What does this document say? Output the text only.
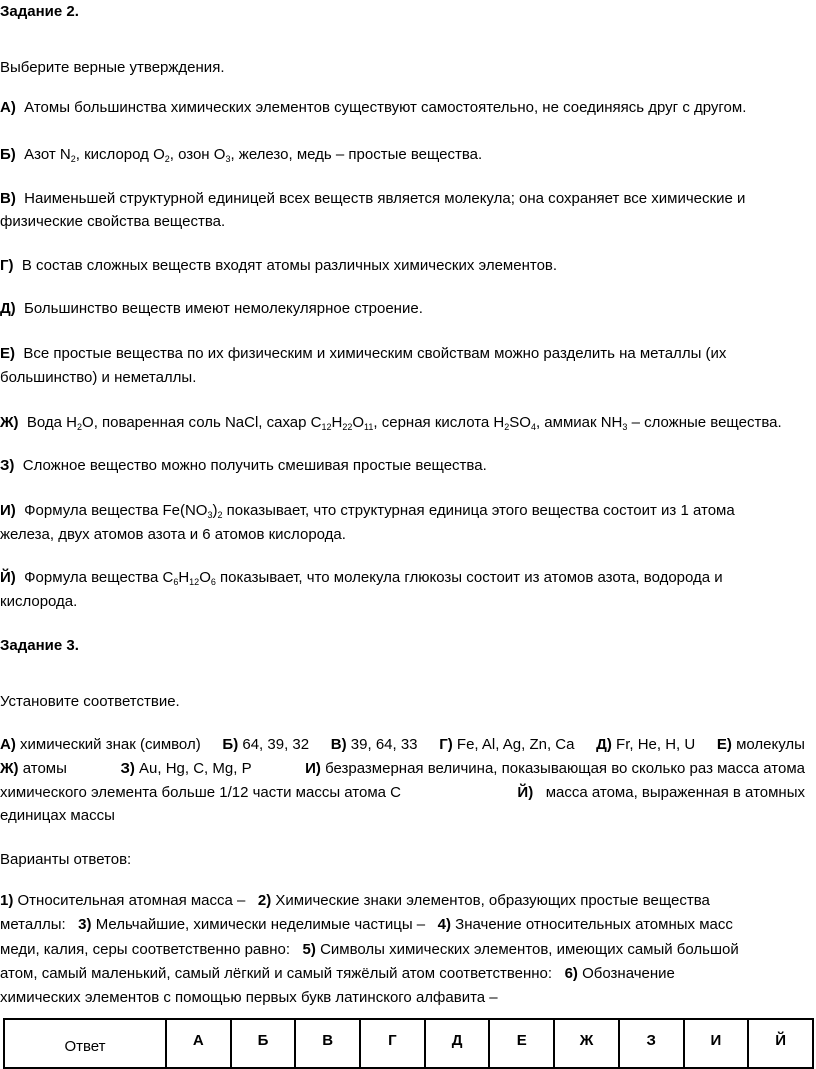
Задание 2.
Выберите верные утверждения.
А) Атомы большинства химических элементов существуют самостоятельно, не соединяясь друг с другом.
Б) Азот $N_2$, кислород $О_2$, озон $О_3$, железо, медь – простые вещества.
В) Наименьшей структурной единицей всех веществ является молекула; она сохраняет все химические и
физические свойства вещества.
Г) В состав сложных веществ входят атомы различных химических элементов.
Д) Большинство веществ имеют немолекулярное строение.
Е) Все простые вещества по их физическим и химическим свойствам можно разделить на металлы (их
большинство) и неметаллы.
Ж) Вода $Н_2О$, поваренная соль NaCl, сахар $С_{12}Н_{22}О_{11}$, серная кислота $Н_2SO_4$, аммиак $NH_3$ – сложные вещества.
З) Сложное вещество можно получить смешивая простые вещества.
И) Формула вещества $Fe(NO_3)_2$ показывает, что структурная единица этого вещества состоит из 1 атома
железа, двух атомов азота и 6 атомов кислорода.
Й) Формула вещества $С_6Н_{12}О_6$ показывает, что молекула глюкозы состоит из атомов азота, водорода и
кислорода.
Задание 3.
Установите соответствие.
А) химический знак (символ) Б) 64, 39, 32 В) 39, 64, 33 Г) Fe, Al, Ag, Zn, Ca Д) Fr, He, H, U Е) молекулы
Ж) атомы	З) Au, Hg, C, Mg, P	И) безразмерная величина, показывающая во сколько раз масса атома
химического элемента больше 1/12 части массы атома С	Й) масса атома, выраженная в атомных
единицах массы
Варианты ответов:
1) Относительная атомная масса – 2) Химические знаки элементов, образующих простые вещества
металлы: 3) Мельчайшие, химически неделимые частицы – 4) Значение относительных атомных масс
меди, калия, серы соответственно равно: 5) Символы химических элементов, имеющих самый большой
атом, самый маленький, самый лёгкий и самый тяжёлый атом соответственно: 6) Обозначение
химических элементов с помощью первых букв латинского алфавита –
Ответ	А	Б	В	Г	Д	Е	Ж	З	И	Й
